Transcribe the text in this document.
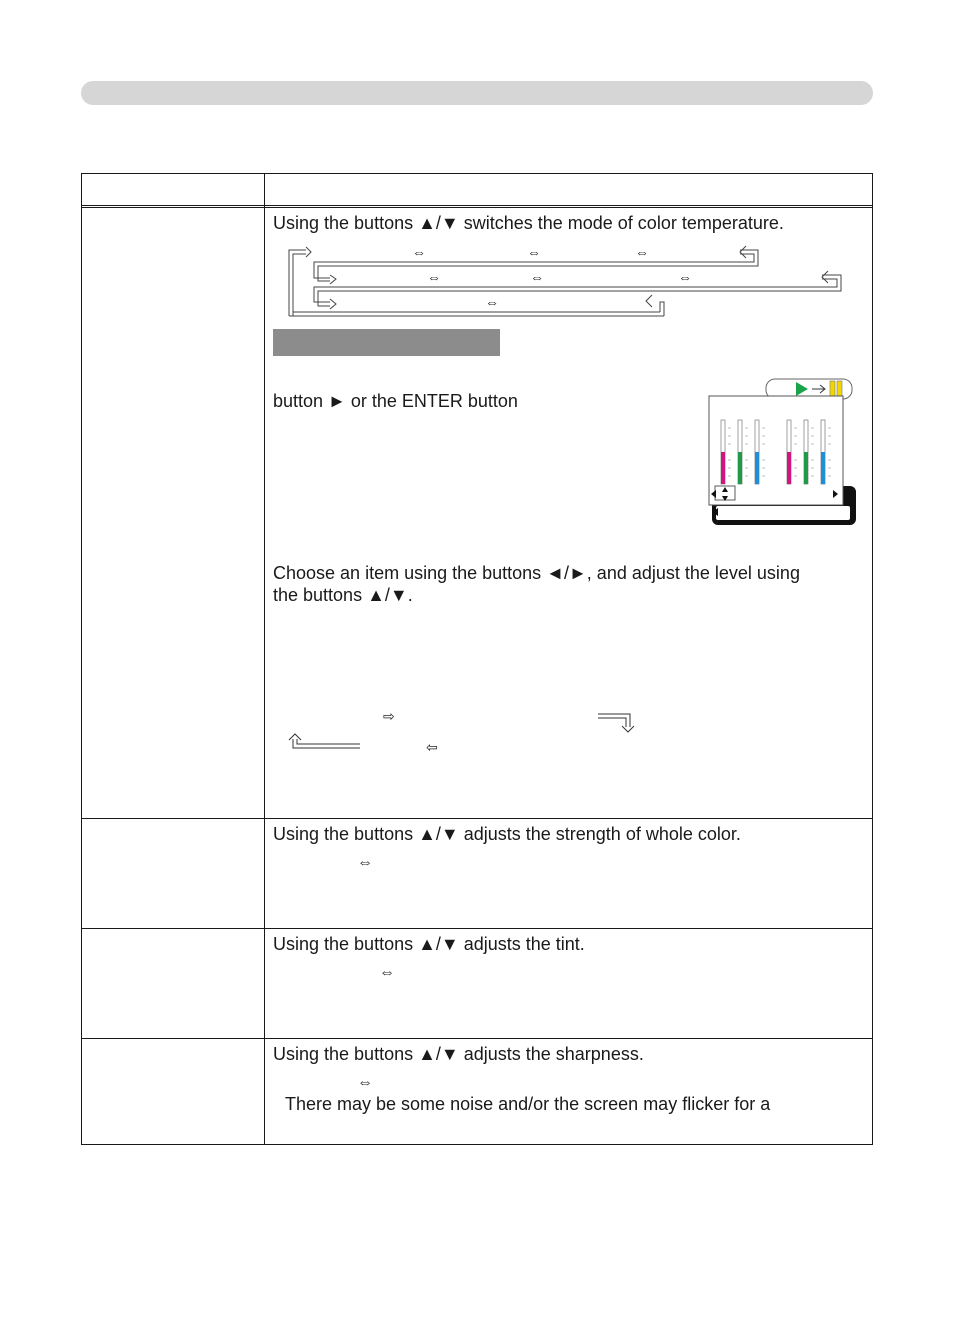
Using the buttons ▲/▼ switches the mode of color temperature.
⇔	⇔	⇔
⇔	⇔	⇔
⇔
button ► or the ENTER button
Choose an item using the buttons ◄/►, and adjust the level using
the buttons ▲/▼.
⇨
⇦
Using the buttons ▲/▼ adjusts the strength of whole color.
⇔
Using the buttons ▲/▼ adjusts the tint.
⇔
Using the buttons ▲/▼ adjusts the sharpness.
⇔
There may be some noise and/or the screen may flicker for a
